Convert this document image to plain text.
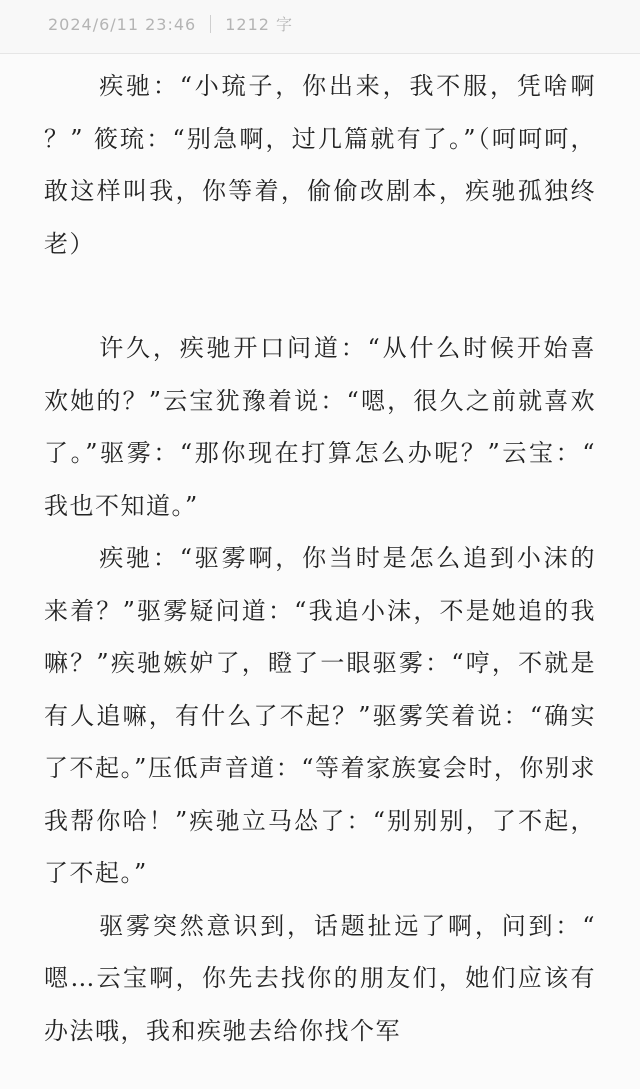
2024/6/11 23:46 1212 字

疾驰：“小琉子，你出来，我不服，凭啥啊？” 筱琉：“别急啊，过几篇就有了。”（呵呵呵，敢这样叫我，你等着，偷偷改剧本，疾驰孤独终老）

许久，疾驰开口问道：“从什么时候开始喜欢她的？”云宝犹豫着说：“嗯，很久之前就喜欢了。”驱雾：“那你现在打算怎么办呢？”云宝：“我也不知道。”

疾驰：“驱雾啊，你当时是怎么追到小沫的来着？”驱雾疑问道：“我追小沫，不是她追的我嘛？”疾驰嫉妒了，瞪了一眼驱雾：“哼，不就是有人追嘛，有什么了不起？”驱雾笑着说：“确实了不起。”压低声音道：“等着家族宴会时，你别求我帮你哈！”疾驰立马怂了：“别别别，了不起，了不起。”

驱雾突然意识到，话题扯远了啊，问到：“嗯…云宝啊，你先去找你的朋友们，她们应该有办法哦，我和疾驰去给你找个军
